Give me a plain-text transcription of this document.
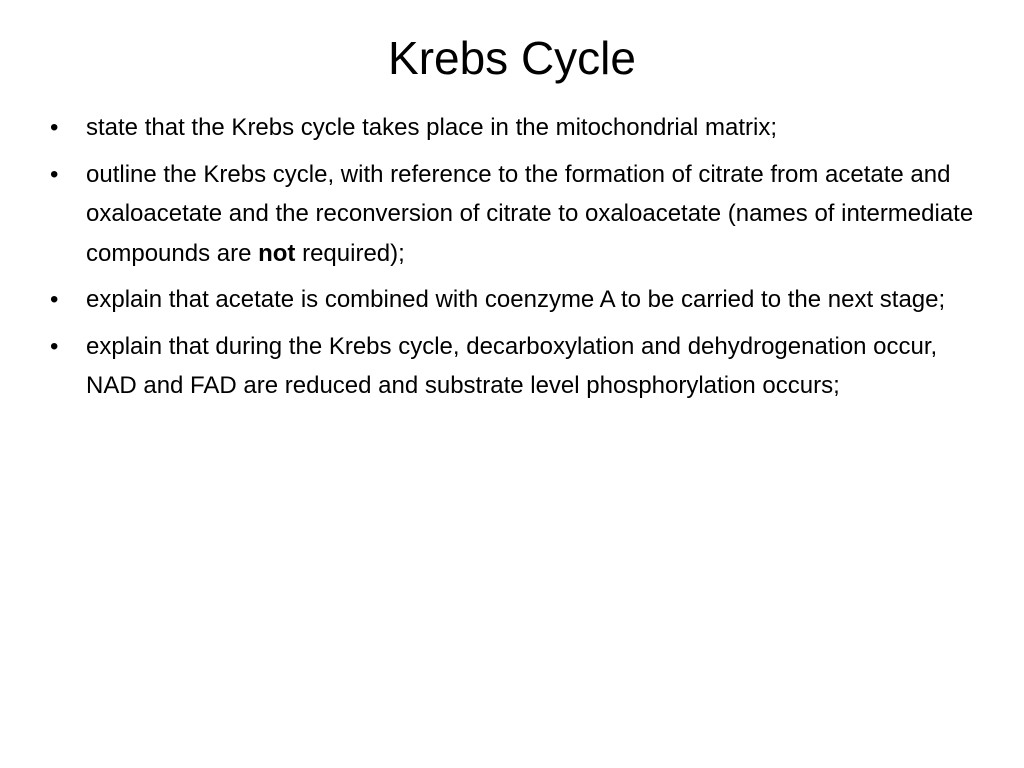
Krebs Cycle
•	state that the Krebs cycle takes place in the mitochondrial matrix;
•	outline the Krebs cycle, with reference to the formation of citrate from acetate and oxaloacetate and the reconversion of citrate to oxaloacetate (names of intermediate compounds are not required);
•	explain that acetate is combined with coenzyme A to be carried to the next stage;
•	explain that during the Krebs cycle, decarboxylation and dehydrogenation occur, NAD and FAD are reduced and substrate level phosphorylation occurs;
